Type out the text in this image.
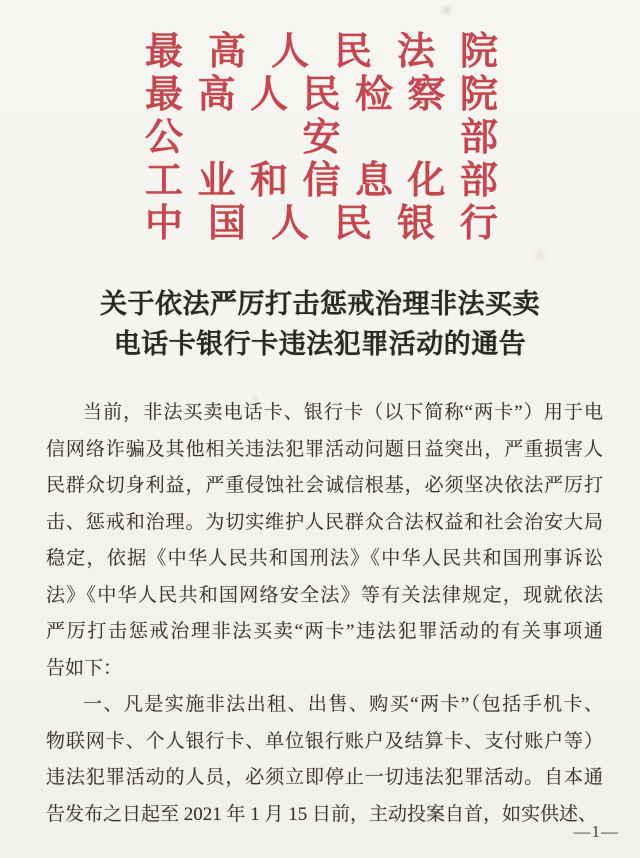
最 高 人 民 法 院
最 高 人 民 检 察 院
公	安	部
工 业 和 信 息 化 部
中 国 人 民 银 行
关于依法严厉打击惩戒治理非法买卖
电话卡银行卡违法犯罪活动的通告
当前，非法买卖电话卡、银行卡（以下简称“两卡”）用于电
信网络诈骗及其他相关违法犯罪活动问题日益突出，严重损害人
民群众切身利益，严重侵蚀社会诚信根基，必须坚决依法严厉打
击、惩戒和治理。为切实维护人民群众合法权益和社会治安大局
稳定，依据《中华人民共和国刑法》《中华人民共和国刑事诉讼
法》《中华人民共和国网络安全法》等有关法律规定，现就依法
严厉打击惩戒治理非法买卖“两卡”违法犯罪活动的有关事项通
告如下：
一、凡是实施非法出租、出售、购买“两卡”（包括手机卡、
物联网卡、个人银行卡、单位银行账户及结算卡、支付账户等）
违法犯罪活动的人员，必须立即停止一切违法犯罪活动。自本通
告发布之日起至 2021 年 1 月 15 日前，主动投案自首，如实供述、
—1—
